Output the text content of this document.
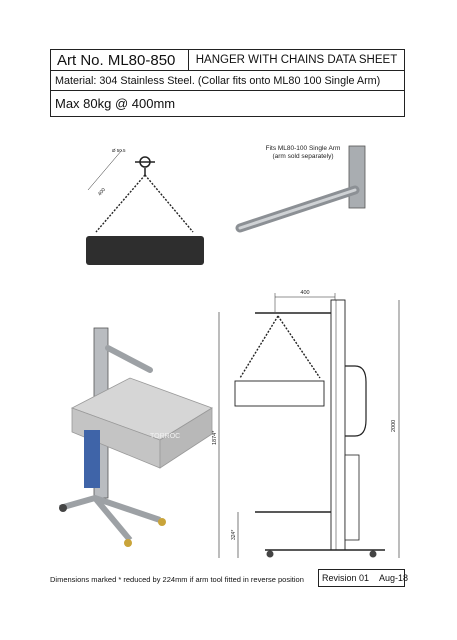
Art No. ML80-850	HANGER WITH CHAINS DATA SHEET
Material: 304 Stainless Steel. (Collar fits onto ML80 100 Single Arm)
Max 80kg @ 400mm
Ø 50.5
400
Fits ML80-100 Single Arm
(arm sold separately)
TORROC
400
1874*
2000
324*
Dimensions marked * reduced by 224mm if arm tool fitted in reverse position	Revision 01 Aug-18
